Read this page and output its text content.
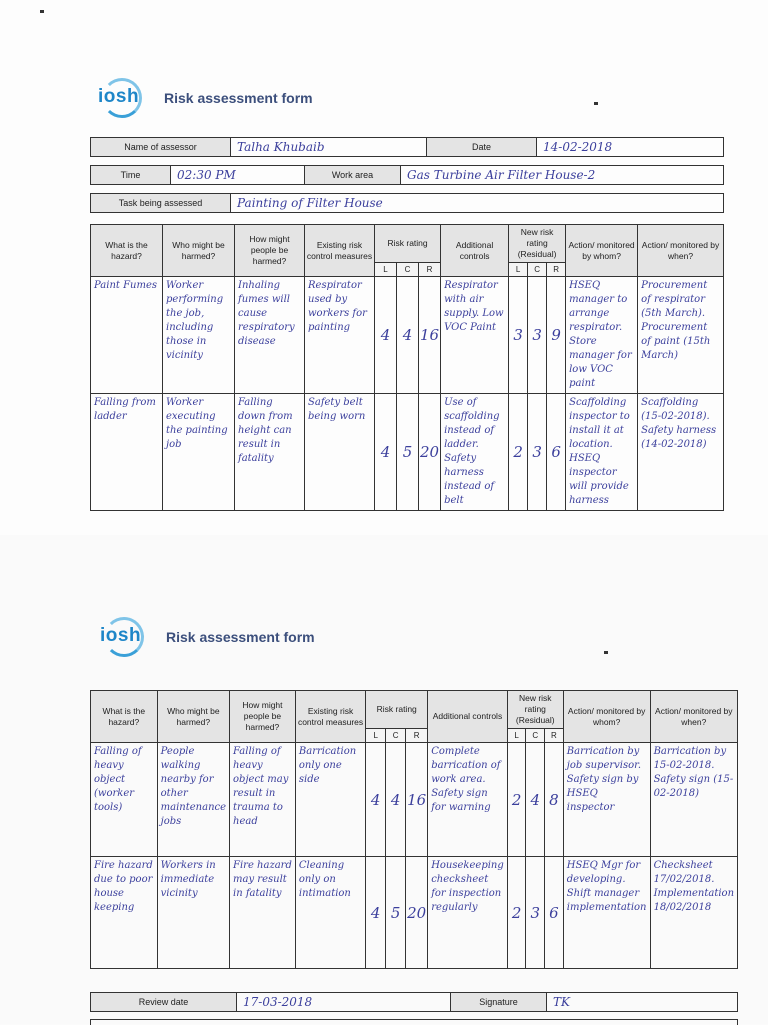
iosh Risk assessment form
Name of assessor	Talha Khubaib	Date	14-02-2018
Time	02:30 PM	Work area	Gas Turbine Air Filter House-2
Task being assessed	Painting of Filter House
What is the hazard?	Who might be harmed?	How might people be harmed?	Existing risk control measures	Risk rating			Additional controls	New risk rating (Residual)			Action/ monitored by whom?	Action/ monitored by when?
				L	C	R		L	C	R		
Paint Fumes	Worker performing the job, including those in vicinity	Inhaling fumes will cause respiratory disease	Respirator used by workers for painting	4	4	16	Respirator with air supply. Low VOC Paint	3	3	9	HSEQ manager to arrange respirator. Store manager for low VOC paint	Procurement of respirator (5th March). Procurement of paint (15th March)
Falling from ladder	Worker executing the painting job	Falling down from height can result in fatality	Safety belt being worn	4	5	20	Use of scaffolding instead of ladder. Safety harness instead of belt	2	3	6	Scaffolding inspector to install it at location. HSEQ inspector will provide harness	Scaffolding (15-02-2018). Safety harness (14-02-2018)
iosh Risk assessment form
What is the hazard?	Who might be harmed?	How might people be harmed?	Existing risk control measures	Risk rating			Additional controls	New risk rating (Residual)			Action/ monitored by whom?	Action/ monitored by when?
				L	C	R		L	C	R		
Falling of heavy object (worker tools)	People walking nearby for other maintenance jobs	Falling of heavy object may result in trauma to head	Barrication only one side	4	4	16	Complete barrication of work area. Safety sign for warning	2	4	8	Barrication by job supervisor. Safety sign by HSEQ inspector	Barrication by 15-02-2018. Safety sign (15-02-2018)
Fire hazard due to poor house keeping	Workers in immediate vicinity	Fire hazard may result in fatality	Cleaning only on intimation	4	5	20	Housekeeping checksheet for inspection regularly	2	3	6	HSEQ Mgr for developing. Shift manager implementation	Checksheet 17/02/2018. Implementation 18/02/2018
Review date	17-03-2018	Signature	TK
